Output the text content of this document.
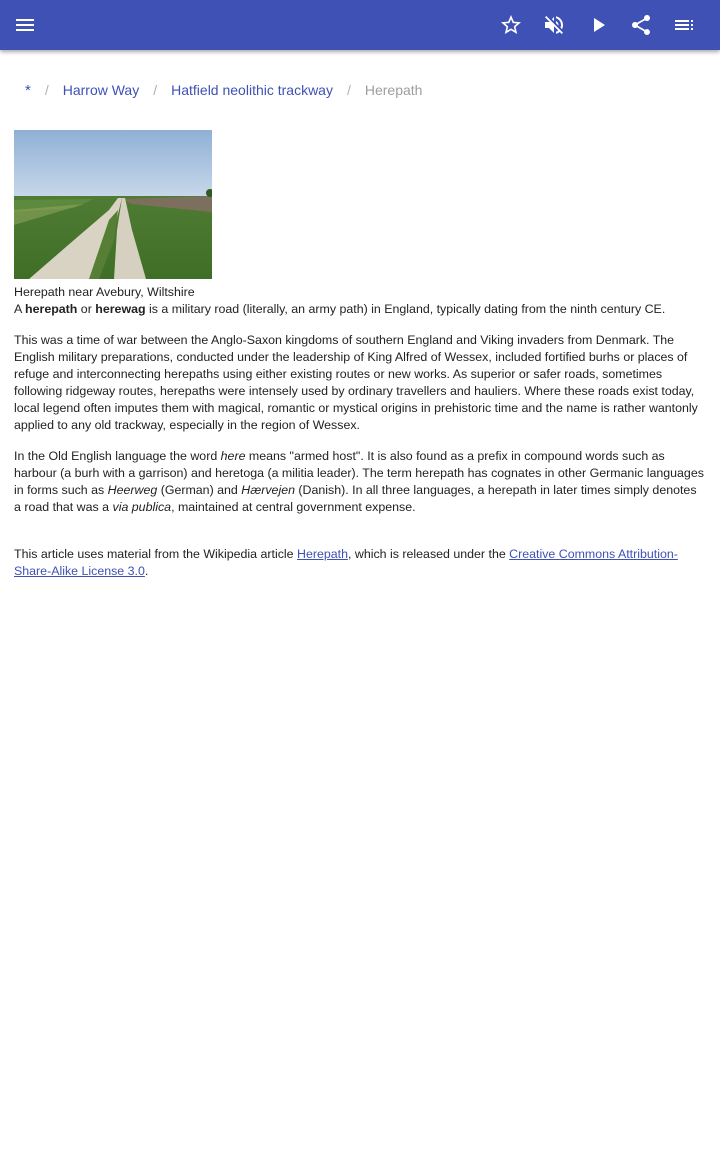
* / Harrow Way / Hatfield neolithic trackway / Herepath
Herepath near Avebury, Wiltshire

A herepath or herewag is a military road (literally, an army path) in England, typically dating from the ninth century CE.

This was a time of war between the Anglo-Saxon kingdoms of southern England and Viking invaders from Denmark. The English military preparations, conducted under the leadership of King Alfred of Wessex, included fortified burhs or places of refuge and interconnecting herepaths using either existing routes or new works. As superior or safer roads, sometimes following ridgeway routes, herepaths were intensely used by ordinary travellers and hauliers. Where these roads exist today, local legend often imputes them with magical, romantic or mystical origins in prehistoric time and the name is rather wantonly applied to any old trackway, especially in the region of Wessex.

In the Old English language the word here means "armed host". It is also found as a prefix in compound words such as harbour (a burh with a garrison) and heretoga (a militia leader). The term herepath has cognates in other Germanic languages in forms such as Heerweg (German) and Hærvejen (Danish). In all three languages, a herepath in later times simply denotes a road that was a via publica, maintained at central government expense.

This article uses material from the Wikipedia article Herepath, which is released under the Creative Commons Attribution-Share-Alike License 3.0.
